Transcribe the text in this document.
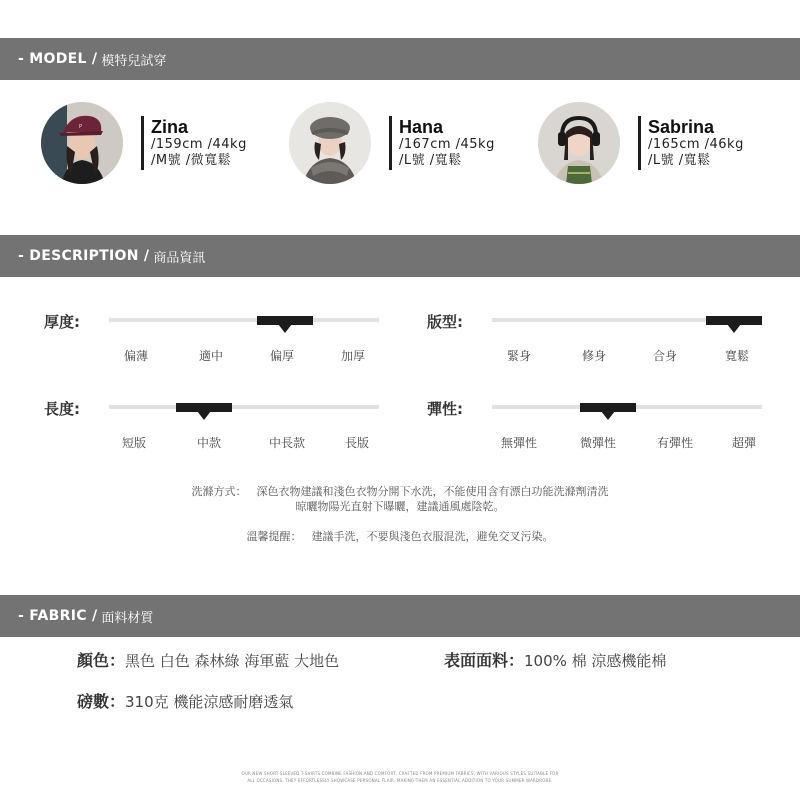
- MODEL / 模特兒試穿
P	Zina
/159cm /44kg
/M號 /微寬鬆
Hana
/167cm /45kg
/L號 /寬鬆
Sabrina
/165cm /46kg
/L號 /寬鬆
- DESCRIPTION / 商品資訊
厚度:
偏薄	適中	偏厚	加厚
版型:
緊身	修身	合身	寬鬆
長度:
短版	中款	中長款	長版
彈性:
無彈性	微彈性	有彈性	超彈
洗滌方式： 深色衣物建議和淺色衣物分開下水洗，不能使用含有漂白功能洗滌劑清洗
晾曬物陽光直射下曝曬，建議通風處陰乾。
溫馨提醒： 建議手洗，不要與淺色衣服混洗，避免交叉污染。
- FABRIC / 面料材質
顏色：黑色 白色 森林綠 海軍藍 大地色	表面面料：100% 棉 涼感機能棉
磅數：310克 機能涼感耐磨透氣
OUR NEW SHORT-SLEEVED T-SHIRTS COMBINE FASHION AND COMFORT, CRAFTED FROM PREMIUM FABRICS, WITH VARIOUS STYLES SUITABLE FOR
ALL OCCASIONS. THEY EFFORTLESSLY SHOWCASE PERSONAL FLAIR, MAKING THEM AN ESSENTIAL ADDITION TO YOUR SUMMER WARDROBE.
